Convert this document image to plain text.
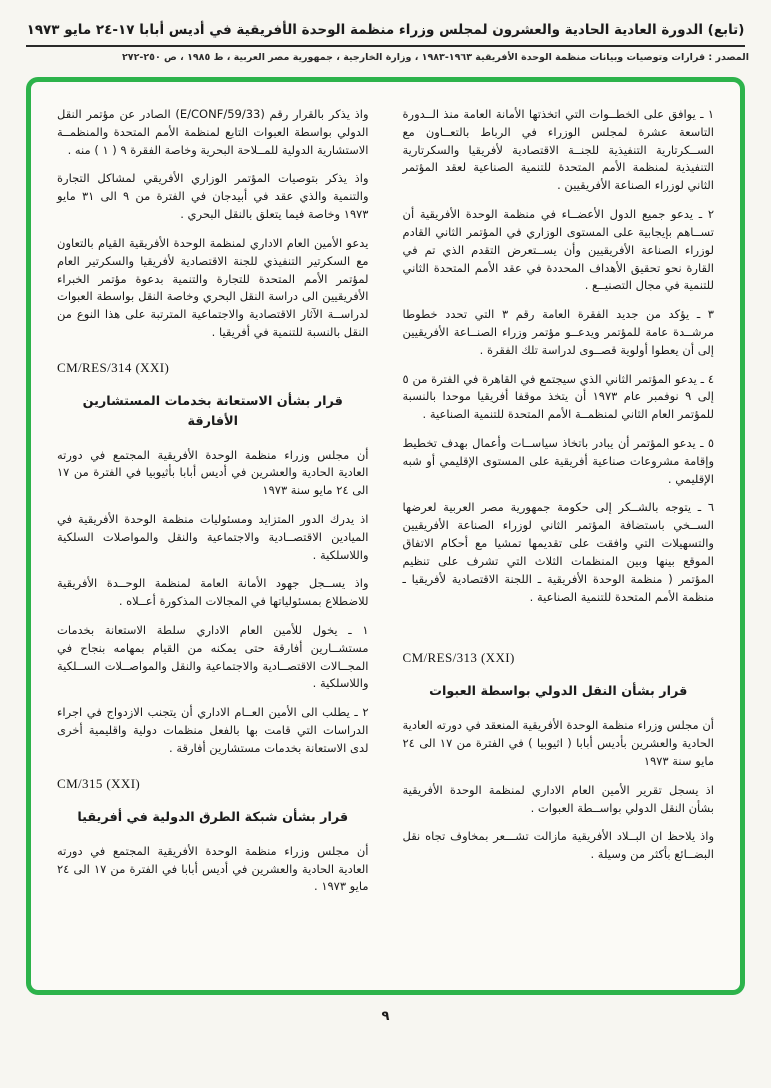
(تابع) الدورة العادية الحادية والعشرون لمجلس وزراء منظمة الوحدة الأفريقية في أديس أبابا ١٧-٢٤ مايو ١٩٧٣
المصدر : قرارات وتوصيات وبيانات منظمة الوحدة الأفريقية ١٩٦٣-١٩٨٣ ، وزارة الخارجية ، جمهورية مصر العربية ، ط ١٩٨٥ ، ص ٢٥٠-٢٧٢

١ ـ يوافق على الخطــوات التي اتخذتها الأمانة العامة منذ الــدورة التاسعة عشرة لمجلس الوزراء في الرباط بالتعــاون مع الســكرتارية التنفيذية للجنــة الاقتصادية لأفريقيا والسكرتارية التنفيذية لمنظمة الأمم المتحدة للتنمية الصناعية لعقد المؤتمر الثاني لوزراء الصناعة الأفريقيين .

٢ ـ يدعو جميع الدول الأعضــاء في منظمة الوحدة الأفريقية أن تســاهم بإيجابية على المستوى الوزاري في المؤتمر الثاني القادم لوزراء الصناعة الأفريقيين وأن يســتعرض التقدم الذي تم في القارة نحو تحقيق الأهداف المحددة في عقد الأمم المتحدة الثاني للتنمية في مجال التصنيــع .

٣ ـ يؤكد من جديد الفقرة العامة رقم ٣ التي تحدد خطوطا مرشــدة عامة للمؤتمر ويدعــو مؤتمر وزراء الصنــاعة الأفريقيين إلى أن يعطوا أولوية قصــوى لدراسة تلك الفقرة .

٤ ـ يدعو المؤتمر الثاني الذي سيجتمع في القاهرة في الفترة من ٥ إلى ٩ نوفمبر عام ١٩٧٣ أن يتخذ موقفا أفريقيا موحدا بالنسبة للمؤتمر العام الثاني لمنظمــة الأمم المتحدة للتنمية الصناعية .

٥ ـ يدعو المؤتمر أن يبادر باتخاذ سياســات وأعمال بهدف تخطيط وإقامة مشروعات صناعية أفريقية على المستوى الإقليمي أو شبه الإقليمي .

٦ ـ يتوجه بالشــكر إلى حكومة جمهورية مصر العربية لعرضها الســخي باستضافة المؤتمر الثاني لوزراء الصناعة الأفريقيين والتسهيلات التي وافقت على تقديمها تمشيا مع أحكام الاتفاق الموقع بينها وبين المنظمات الثلاث التي تشرف على تنظيم المؤتمر ( منظمة الوحدة الأفريقية ـ اللجنة الاقتصادية لأفريقيا ـ منظمة الأمم المتحدة للتنمية الصناعية .

CM/RES/313 (XXI)
قرار بشأن النقل الدولي بواسطة العبوات

أن مجلس وزراء منظمة الوحدة الأفريقية المنعقد في دورته العادية الحادية والعشرين بأديس أبابا ( اثيوبيا ) في الفترة من ١٧ الى ٢٤ مايو سنة ١٩٧٣

اذ يسجل تقرير الأمين العام الاداري لمنظمة الوحدة الأفريقية بشأن النقل الدولي بواســطة العبوات .

واذ يلاحظ ان البــلاد الأفريقية مازالت تشـــعر بمخاوف تجاه نقل البضــائع بأكثر من وسيلة .

واذ يذكر بالقرار رقم (E/CONF/59/33) الصادر عن مؤتمر النقل الدولي بواسطة العبوات التابع لمنظمة الأمم المتحدة والمنظمــة الاستشارية الدولية للمــلاحة البحرية وخاصة الفقرة ٩ ( ١ ) منه .

واذ يذكر بتوصيات المؤتمر الوزاري الأفريقي لمشاكل التجارة والتنمية والذي عقد في أبيدجان في الفترة من ٩ الى ٣١ مايو ١٩٧٣ وخاصة فيما يتعلق بالنقل البحري .

يدعو الأمين العام الاداري لمنظمة الوحدة الأفريقية القيام بالتعاون مع السكرتير التنفيذي للجنة الاقتصادية لأفريقيا والسكرتير العام لمؤتمر الأمم المتحدة للتجارة والتنمية بدعوة مؤتمر الخبراء الأفريقيين الى دراسة النقل البحري وخاصة النقل بواسطة العبوات لدراســة الآثار الاقتصادية والاجتماعية المترتبة على هذا النوع من النقل بالنسبة للتنمية في أفريقيا .

CM/RES/314 (XXI)
قرار بشأن الاستعانة بخدمات المستشارين الأفارقة

أن مجلس وزراء منظمة الوحدة الأفريقية المجتمع في دورته العادية الحادية والعشرين في أديس أبابا بأثيوبيا في الفترة من ١٧ الى ٢٤ مايو سنة ١٩٧٣

اذ يدرك الدور المتزايد ومسئوليات منظمة الوحدة الأفريقية في الميادين الاقتصــادية والاجتماعية والنقل والمواصلات السلكية واللاسلكية .

واذ يســجل جهود الأمانة العامة لمنظمة الوحــدة الأفريقية للاضطلاع بمسئولياتها في المجالات المذكورة أعــلاه .

١ ـ يخول للأمين العام الاداري سلطة الاستعانة بخدمات مستشــارين أفارقة حتى يمكنه من القيام بمهامه بنجاح في المجــالات الاقتصــادية والاجتماعية والنقل والمواصــلات الســلكية واللاسلكية .

٢ ـ يطلب الى الأمين العــام الاداري أن يتجنب الازدواج في اجراء الدراسات التي قامت بها بالفعل منظمات دولية واقليمية أخرى لدى الاستعانة بخدمات مستشارين أفارقة .

CM/315 (XXI)
قرار بشأن شبكة الطرق الدولية في أفريقيا

أن مجلس وزراء منظمة الوحدة الأفريقية المجتمع في دورته العادية الحادية والعشرين في أديس أبابا في الفترة من ١٧ الى ٢٤ مايو ١٩٧٣ .

٩
